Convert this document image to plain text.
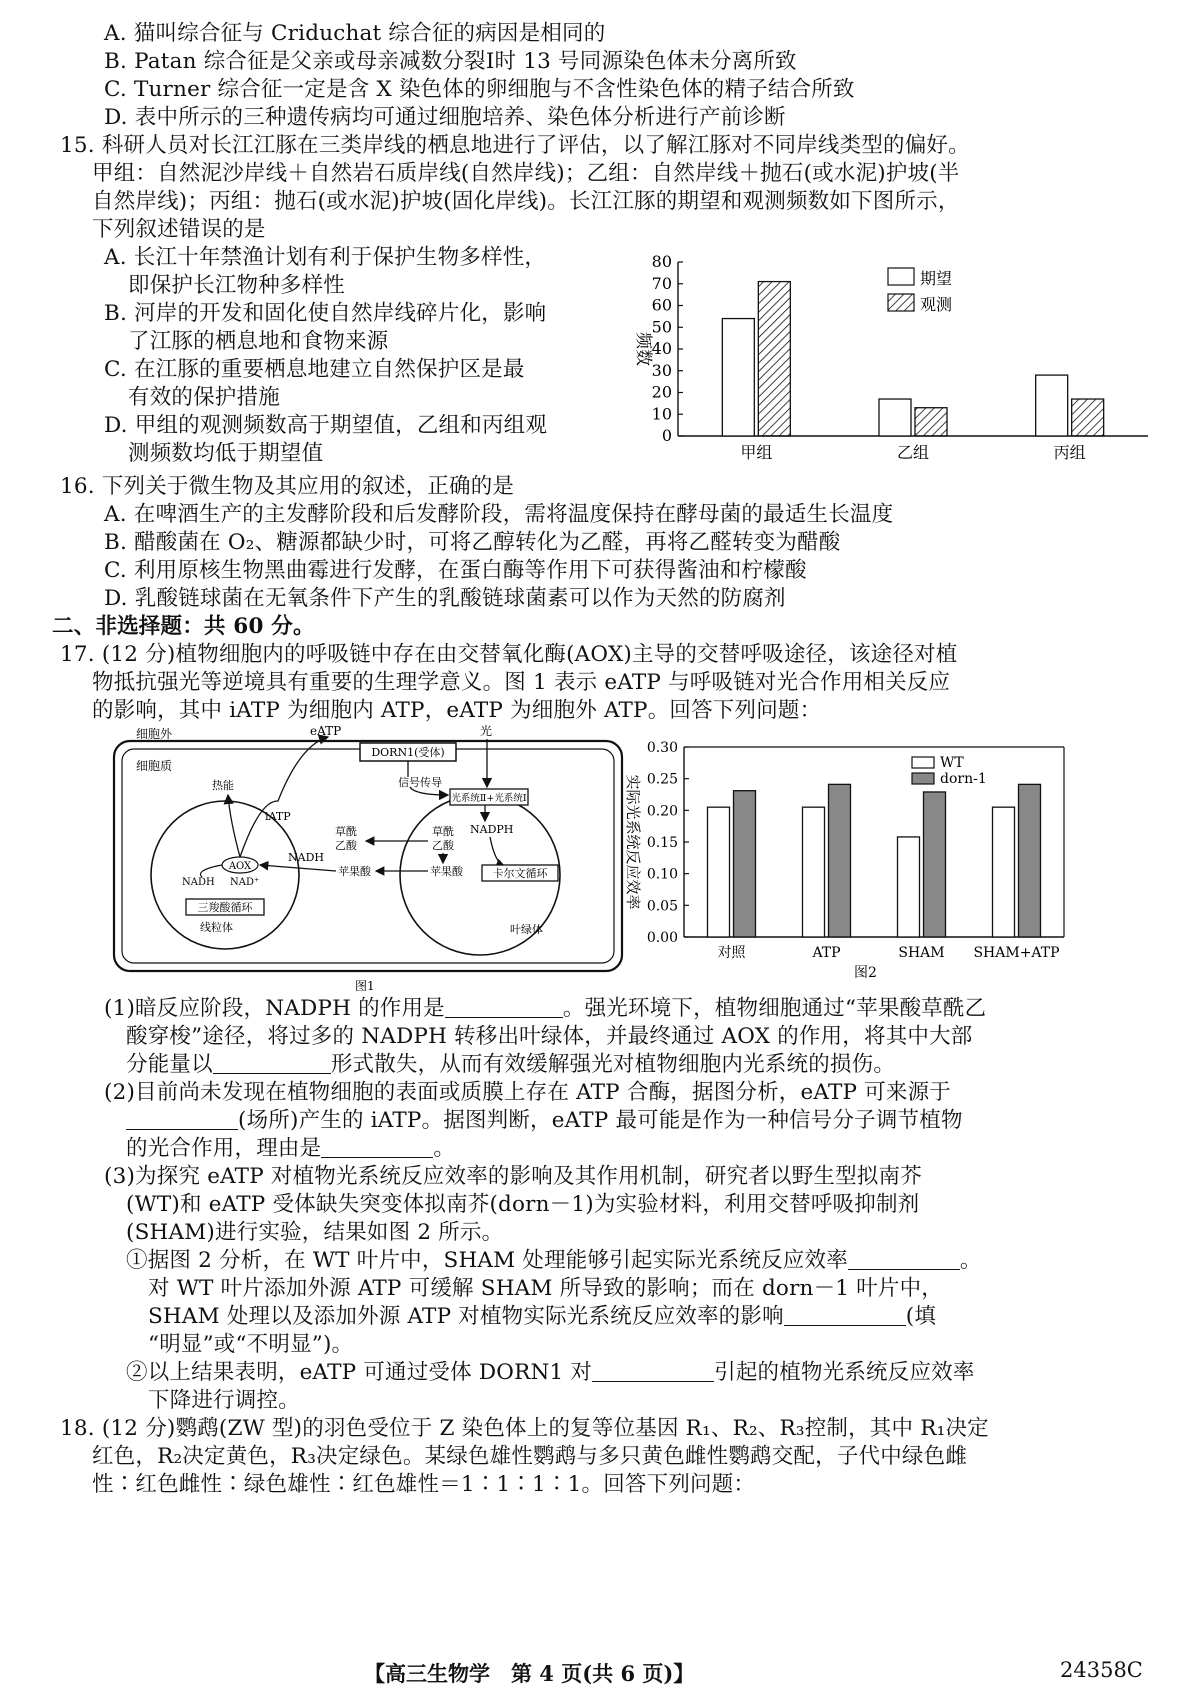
A. 猫叫综合征与 Criduchat 综合征的病因是相同的
B. Patan 综合征是父亲或母亲减数分裂Ⅰ时 13 号同源染色体未分离所致
C. Turner 综合征一定是含 X 染色体的卵细胞与不含性染色体的精子结合所致
D. 表中所示的三种遗传病均可通过细胞培养、染色体分析进行产前诊断
15. 科研人员对长江江豚在三类岸线的栖息地进行了评估，以了解江豚对不同岸线类型的偏好。
甲组：自然泥沙岸线＋自然岩石质岸线(自然岸线)；乙组：自然岸线＋抛石(或水泥)护坡(半
自然岸线)；丙组：抛石(或水泥)护坡(固化岸线)。长江江豚的期望和观测频数如下图所示，
下列叙述错误的是
A. 长江十年禁渔计划有利于保护生物多样性，
即保护长江物种多样性
B. 河岸的开发和固化使自然岸线碎片化，影响
了江豚的栖息地和食物来源
C. 在江豚的重要栖息地建立自然保护区是最
有效的保护措施
D. 甲组的观测频数高于期望值，乙组和丙组观
测频数均低于期望值
0
10
20
30
40
50
60
70
80
甲组	乙组	丙组
频数
期望
观测
16. 下列关于微生物及其应用的叙述，正确的是
A. 在啤酒生产的主发酵阶段和后发酵阶段，需将温度保持在酵母菌的最适生长温度
B. 醋酸菌在 O₂、糖源都缺少时，可将乙醇转化为乙醛，再将乙醛转变为醋酸
C. 利用原核生物黑曲霉进行发酵，在蛋白酶等作用下可获得酱油和柠檬酸
D. 乳酸链球菌在无氧条件下产生的乳酸链球菌素可以作为天然的防腐剂
二、非选择题：共 60 分。
17. (12 分)植物细胞内的呼吸链中存在由交替氧化酶(AOX)主导的交替呼吸途径，该途径对植
物抵抗强光等逆境具有重要的生理学意义。图 1 表示 eATP 与呼吸链对光合作用相关反应
的影响，其中 iATP 为细胞内 ATP，eATP 为细胞外 ATP。回答下列问题：
细胞外
细胞质
DORN1(受体)
eATP	光
信号传导
光系统Ⅱ+光系统Ⅰ
NADPH
草酰
乙酸
苹果酸	卡尔文循环
叶绿体
草酰
乙酸
苹果酸
NADH
AOX
NADH NAD⁺
三羧酸循环
线粒体
热能
iATP
图1
0.00
0.05
0.10
0.15
0.20
0.25
0.30
对照	ATP	SHAM SHAM+ATP
实际光系统反应效率
WT
dorn-1
图2
(1)暗反应阶段，NADPH 的作用是	。强光环境下，植物细胞通过“苹果酸草酰乙
酸穿梭”途径，将过多的 NADPH 转移出叶绿体，并最终通过 AOX 的作用，将其中大部
分能量以	形式散失，从而有效缓解强光对植物细胞内光系统的损伤。
(2)目前尚未发现在植物细胞的表面或质膜上存在 ATP 合酶，据图分析，eATP 可来源于
(场所)产生的 iATP。据图判断，eATP 最可能是作为一种信号分子调节植物
的光合作用，理由是	。
(3)为探究 eATP 对植物光系统反应效率的影响及其作用机制，研究者以野生型拟南芥
(WT)和 eATP 受体缺失突变体拟南芥(dorn－1)为实验材料，利用交替呼吸抑制剂
(SHAM)进行实验，结果如图 2 所示。
①据图 2 分析，在 WT 叶片中，SHAM 处理能够引起实际光系统反应效率	。
对 WT 叶片添加外源 ATP 可缓解 SHAM 所导致的影响；而在 dorn－1 叶片中，
SHAM 处理以及添加外源 ATP 对植物实际光系统反应效率的影响	(填
“明显”或“不明显”)。
②以上结果表明，eATP 可通过受体 DORN1 对	引起的植物光系统反应效率
下降进行调控。
18. (12 分)鹦鹉(ZW 型)的羽色受位于 Z 染色体上的复等位基因 R₁、R₂、R₃控制，其中 R₁决定
红色，R₂决定黄色，R₃决定绿色。某绿色雄性鹦鹉与多只黄色雌性鹦鹉交配，子代中绿色雌
性∶红色雌性∶绿色雄性∶红色雄性＝1∶1∶1∶1。回答下列问题：
【高三生物学　第 4 页(共 6 页)】	24358C
